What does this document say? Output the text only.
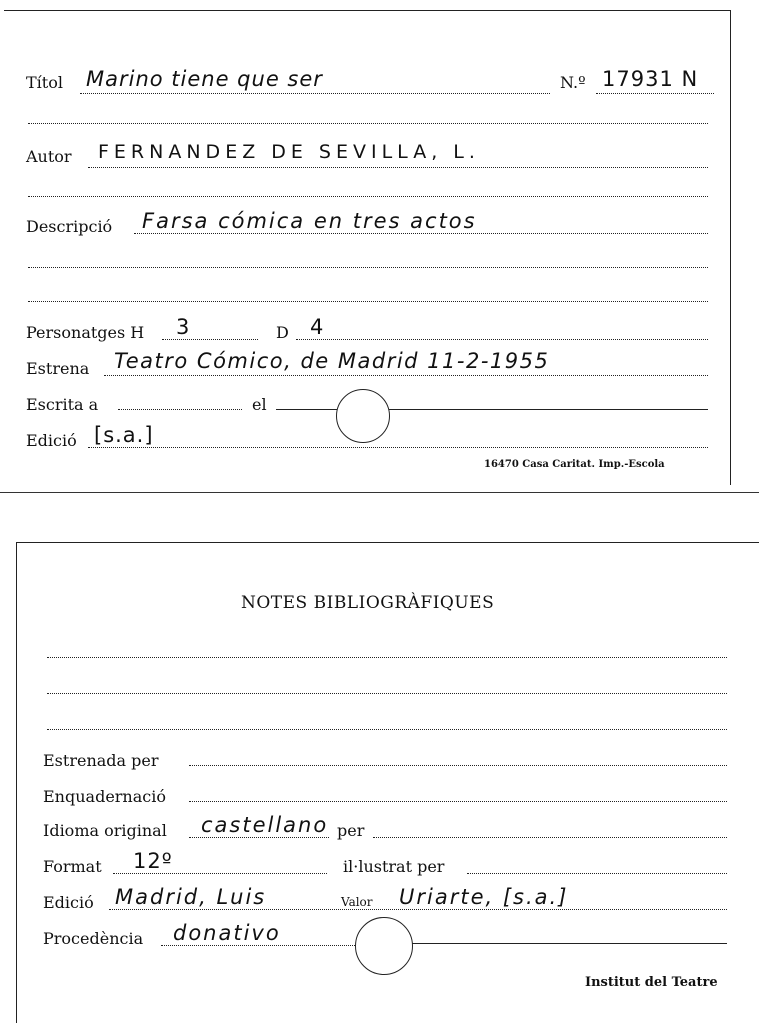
Títol Marino tiene que ser	N.º 17931 N
Autor FERNANDEZ DE SEVILLA, L.
Descripció Farsa cómica en tres actos
Personatges H 3	D 4
Estrena Teatro Cómico, de Madrid 11-2-1955
Escrita a	el
Edició [s.a.]
16470 Casa Caritat. Imp.-Escola
NOTES BIBLIOGRÀFIQUES
Estrenada per
Enquadernació
Idioma original castellano per
Format 12º	il·lustrat per
Edició Madrid, Luis	Valor Uriarte, [s.a.]
Procedència donativo
Institut del Teatre
